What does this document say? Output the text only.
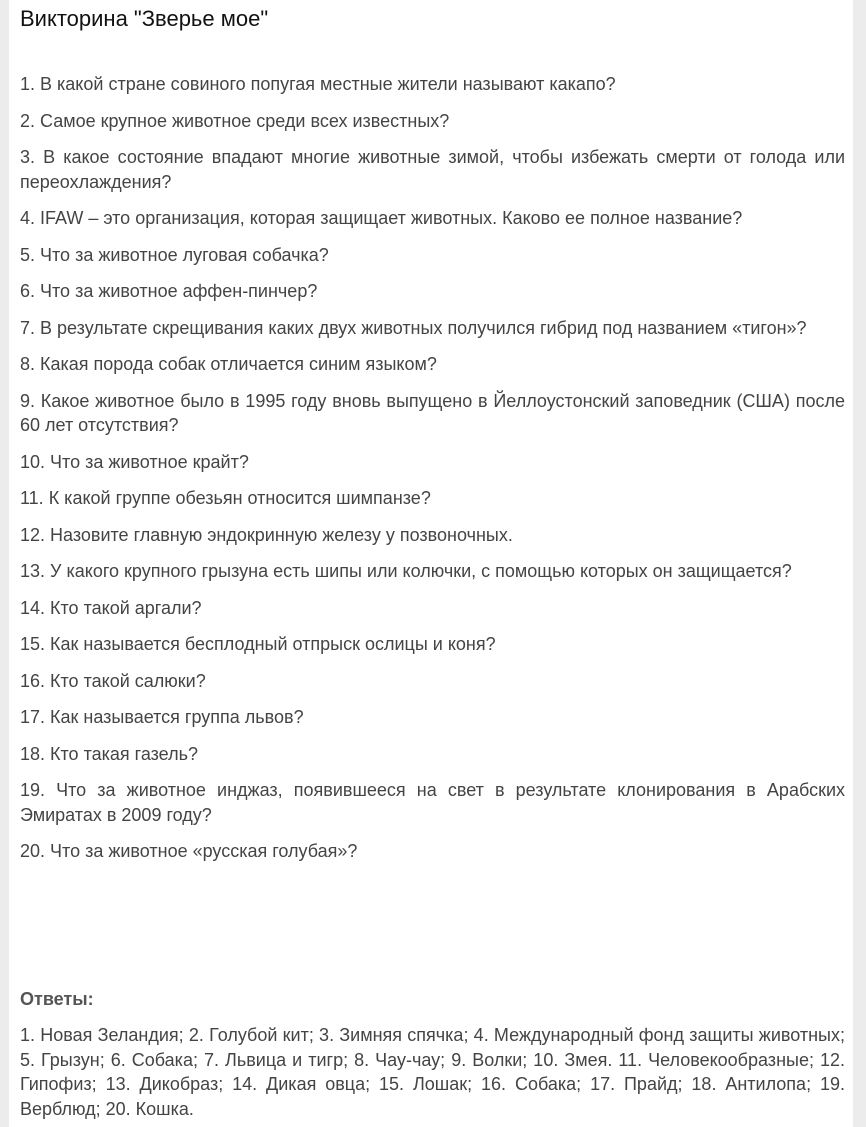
Викторина "Зверье мое"
1. В какой стране совиного попугая местные жители называют какапо?
2. Самое крупное животное среди всех известных?
3. В какое состояние впадают многие животные зимой, чтобы избежать смерти от голода или переохлаждения?
4. IFAW – это организация, которая защищает животных. Каково ее полное название?
5. Что за животное луговая собачка?
6. Что за животное аффен-пинчер?
7. В результате скрещивания каких двух животных получился гибрид под названием «тигон»?
8. Какая порода собак отличается синим языком?
9. Какое животное было в 1995 году вновь выпущено в Йеллоустонский заповедник (США) после 60 лет отсутствия?
10. Что за животное крайт?
11. К какой группе обезьян относится шимпанзе?
12. Назовите главную эндокринную железу у позвоночных.
13. У какого крупного грызуна есть шипы или колючки, с помощью которых он защищается?
14. Кто такой аргали?
15. Как называется бесплодный отпрыск ослицы и коня?
16. Кто такой салюки?
17. Как называется группа львов?
18. Кто такая газель?
19. Что за животное инджаз, появившееся на свет в результате клонирования в Арабских Эмиратах в 2009 году?
20. Что за животное «русская голубая»?

Ответы:

1. Новая Зеландия; 2. Голубой кит; 3. Зимняя спячка; 4. Международный фонд защиты животных; 5. Грызун; 6. Собака; 7. Львица и тигр; 8. Чау-чау; 9. Волки; 10. Змея. 11. Человекообразные; 12. Гипофиз; 13. Дикобраз; 14. Дикая овца; 15. Лошак; 16. Собака; 17. Прайд; 18. Антилопа; 19. Верблюд; 20. Кошка.
